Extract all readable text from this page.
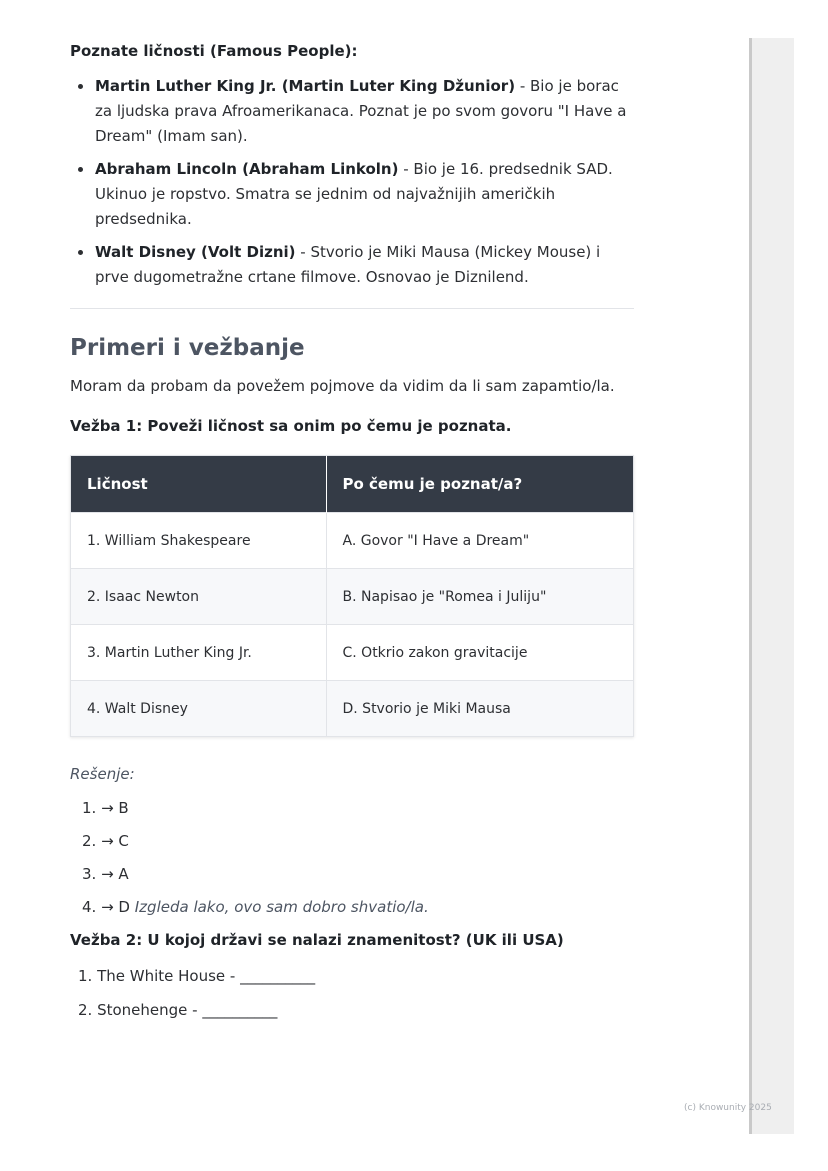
Poznate ličnosti (Famous People):

Martin Luther King Jr. (Martin Luter King Džunior) - Bio je borac za ljudska prava Afroamerikanaca. Poznat je po svom govoru "I Have a Dream" (Imam san).
Abraham Lincoln (Abraham Linkoln) - Bio je 16. predsednik SAD. Ukinuo je ropstvo. Smatra se jednim od najvažnijih američkih predsednika.
Walt Disney (Volt Dizni) - Stvorio je Miki Mausa (Mickey Mouse) i prve dugometražne crtane filmove. Osnovao je Diznilend.
Primeri i vežbanje

Moram da probam da povežem pojmove da vidim da li sam zapamtio/la.

Vežba 1: Poveži ličnost sa onim po čemu je poznata.

Ličnost	Po čemu je poznat/a?
1. William Shakespeare	A. Govor "I Have a Dream"
2. Isaac Newton	B. Napisao je "Romea i Juliju"
3. Martin Luther King Jr.	C. Otkrio zakon gravitacije
4. Walt Disney	D. Stvorio je Miki Mausa

Rešenje:

1. → B
2. → C
3. → A
4. → D Izgleda lako, ovo sam dobro shvatio/la.

Vežba 2: U kojoj državi se nalazi znamenitost? (UK ili USA)

1. The White House - __________
2. Stonehenge - __________
(c) Knowunity 2025
